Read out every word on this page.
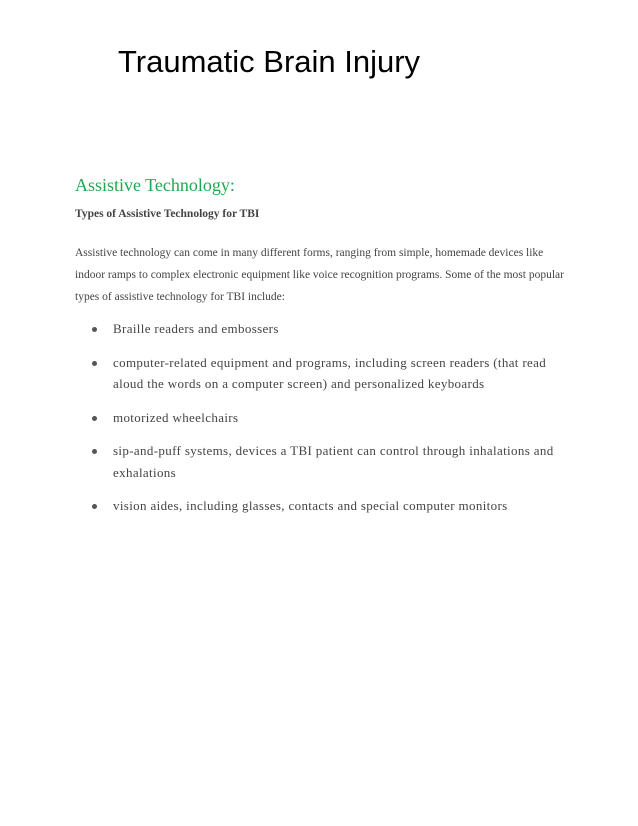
Traumatic Brain Injury
Assistive Technology:

Types of Assistive Technology for TBI

Assistive technology can come in many different forms, ranging from simple, homemade devices like indoor ramps to complex electronic equipment like voice recognition programs. Some of the most popular types of assistive technology for TBI include:

Braille readers and embossers
computer-related equipment and programs, including screen readers (that read aloud the words on a computer screen) and personalized keyboards
motorized wheelchairs
sip-and-puff systems, devices a TBI patient can control through inhalations and exhalations
vision aides, including glasses, contacts and special computer monitors
